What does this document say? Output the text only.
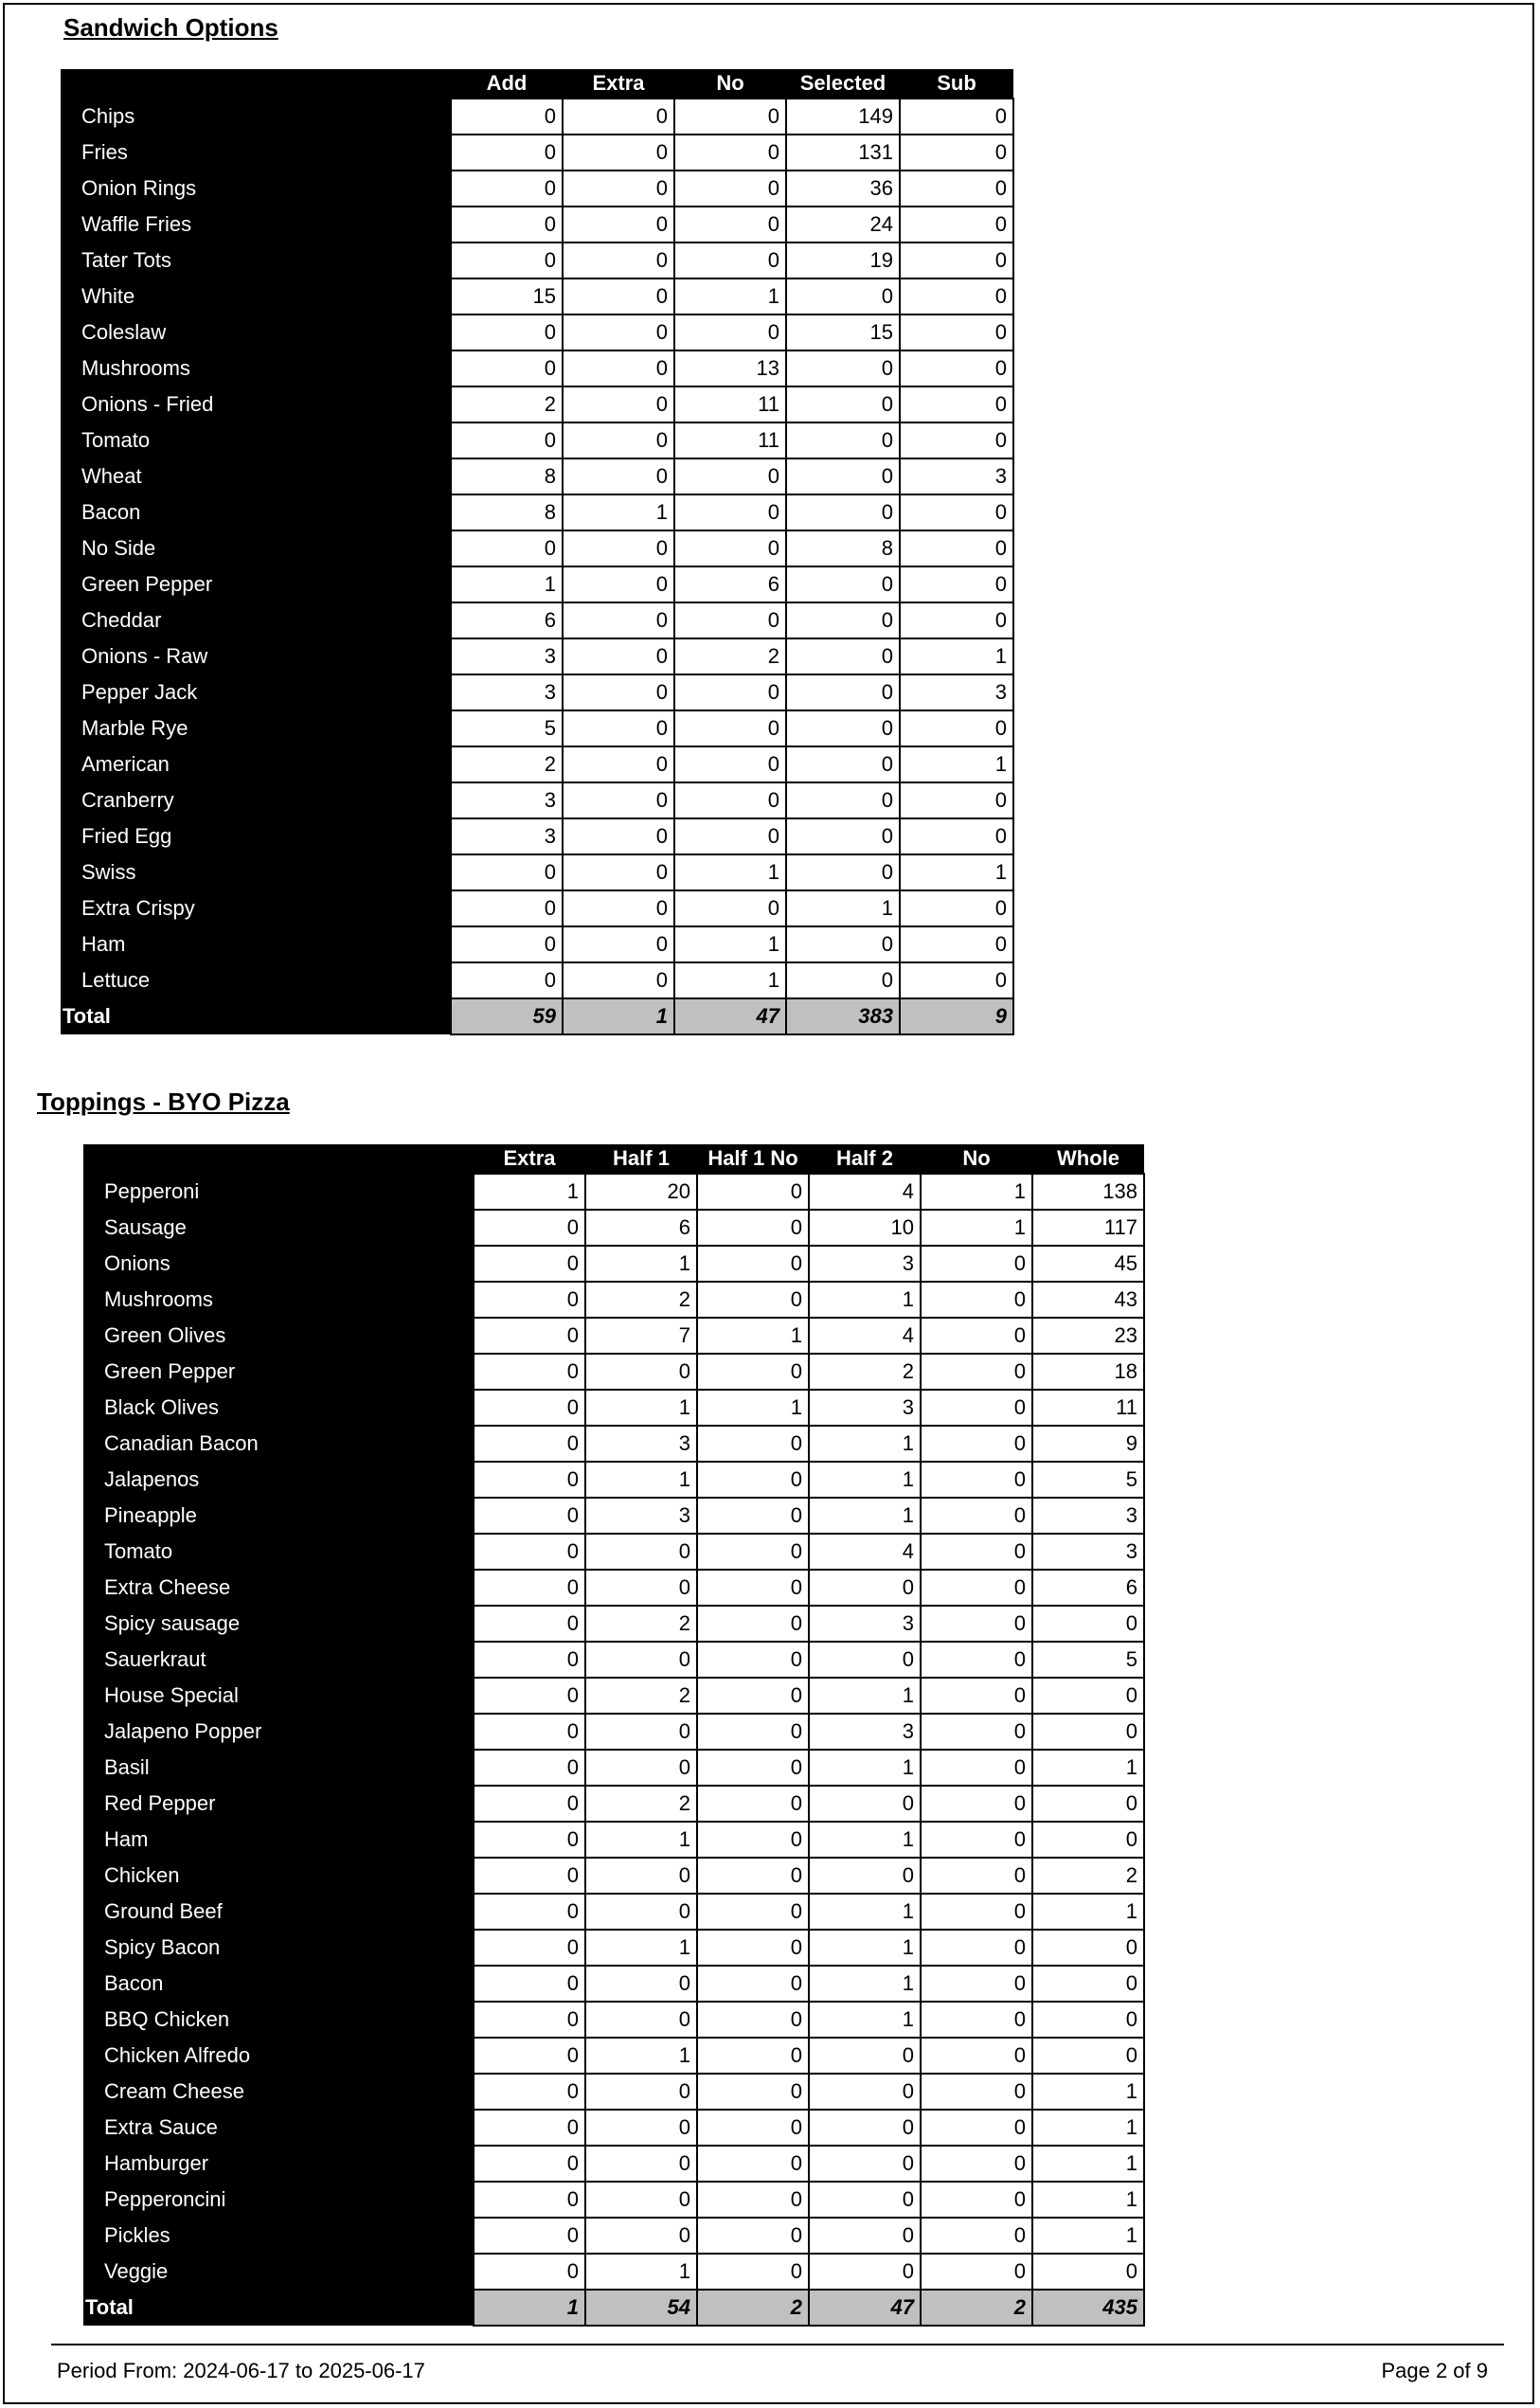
Sandwich Options
	Add	Extra	No	Selected	Sub
Chips	0	0	0	149	0
Fries	0	0	0	131	0
Onion Rings	0	0	0	36	0
Waffle Fries	0	0	0	24	0
Tater Tots	0	0	0	19	0
White	15	0	1	0	0
Coleslaw	0	0	0	15	0
Mushrooms	0	0	13	0	0
Onions - Fried	2	0	11	0	0
Tomato	0	0	11	0	0
Wheat	8	0	0	0	3
Bacon	8	1	0	0	0
No Side	0	0	0	8	0
Green Pepper	1	0	6	0	0
Cheddar	6	0	0	0	0
Onions - Raw	3	0	2	0	1
Pepper Jack	3	0	0	0	3
Marble Rye	5	0	0	0	0
American	2	0	0	0	1
Cranberry	3	0	0	0	0
Fried Egg	3	0	0	0	0
Swiss	0	0	1	0	1
Extra Crispy	0	0	0	1	0
Ham	0	0	1	0	0
Lettuce	0	0	1	0	0
Total	59	1	47	383	9
Toppings - BYO Pizza
	Extra	Half 1	Half 1 No	Half 2	No	Whole
Pepperoni	1	20	0	4	1	138
Sausage	0	6	0	10	1	117
Onions	0	1	0	3	0	45
Mushrooms	0	2	0	1	0	43
Green Olives	0	7	1	4	0	23
Green Pepper	0	0	0	2	0	18
Black Olives	0	1	1	3	0	11
Canadian Bacon	0	3	0	1	0	9
Jalapenos	0	1	0	1	0	5
Pineapple	0	3	0	1	0	3
Tomato	0	0	0	4	0	3
Extra Cheese	0	0	0	0	0	6
Spicy sausage	0	2	0	3	0	0
Sauerkraut	0	0	0	0	0	5
House Special	0	2	0	1	0	0
Jalapeno Popper	0	0	0	3	0	0
Basil	0	0	0	1	0	1
Red Pepper	0	2	0	0	0	0
Ham	0	1	0	1	0	0
Chicken	0	0	0	0	0	2
Ground Beef	0	0	0	1	0	1
Spicy Bacon	0	1	0	1	0	0
Bacon	0	0	0	1	0	0
BBQ Chicken	0	0	0	1	0	0
Chicken Alfredo	0	1	0	0	0	0
Cream Cheese	0	0	0	0	0	1
Extra Sauce	0	0	0	0	0	1
Hamburger	0	0	0	0	0	1
Pepperoncini	0	0	0	0	0	1
Pickles	0	0	0	0	0	1
Veggie	0	1	0	0	0	0
Total	1	54	2	47	2	435
Period From: 2024-06-17 to 2025-06-17	Page 2 of 9
